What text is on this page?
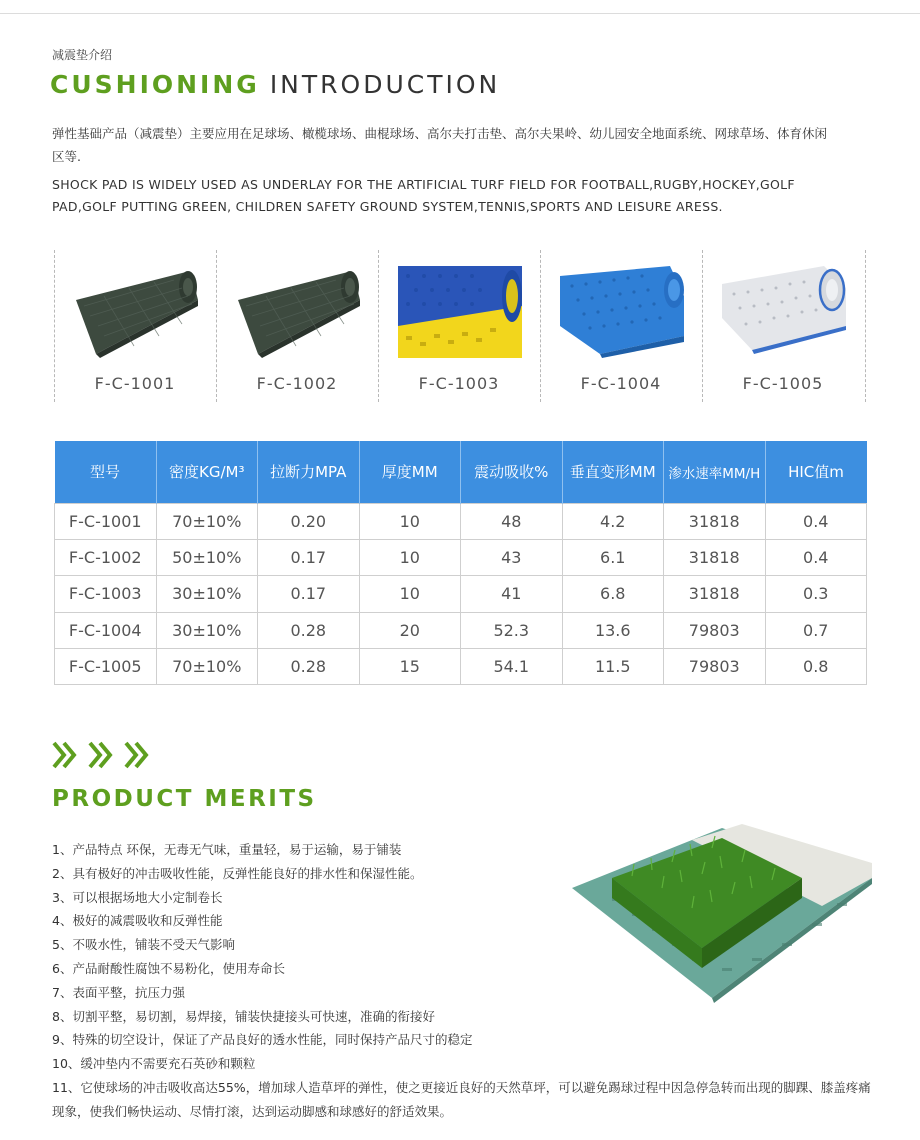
减震垫介绍
CUSHIONING INTRODUCTION

弹性基础产品（减震垫）主要应用在足球场、橄榄球场、曲棍球场、高尔夫打击垫、高尔夫果岭、幼儿园安全地面系统、网球草场、体育休闲区等.

SHOCK PAD IS WIDELY USED AS UNDERLAY FOR THE ARTIFICIAL TURF FIELD FOR FOOTBALL,RUGBY,HOCKEY,GOLF PAD,GOLF PUTTING GREEN, CHILDREN SAFETY GROUND SYSTEM,TENNIS,SPORTS AND LEISURE ARESS.

F-C-1001	F-C-1002	F-C-1003	F-C-1004	F-C-1005
型号	密度KG/M³	拉断力MPA	厚度MM	震动吸收%	垂直变形MM	渗水速率MM/H	HIC值m
F-C-1001	70±10%	0.20	10	48	4.2	31818	0.4
F-C-1002	50±10%	0.17	10	43	6.1	31818	0.4
F-C-1003	30±10%	0.17	10	41	6.8	31818	0.3
F-C-1004	30±10%	0.28	20	52.3	13.6	79803	0.7
F-C-1005	70±10%	0.28	15	54.1	11.5	79803	0.8
PRODUCT MERITS
1、产品特点 环保，无毒无气味，重量轻，易于运输，易于铺装
2、具有极好的冲击吸收性能，反弹性能良好的排水性和保湿性能。
3、可以根据场地大小定制卷长
4、极好的减震吸收和反弹性能
5、不吸水性，铺装不受天气影响
6、产品耐酸性腐蚀不易粉化，使用寿命长
7、表面平整，抗压力强
8、切割平整，易切割，易焊接，铺装快捷接头可快速，准确的衔接好
9、特殊的切空设计，保证了产品良好的透水性能，同时保持产品尺寸的稳定
10、缓冲垫内不需要充石英砂和颗粒
11、它使球场的冲击吸收高达55%，增加球人造草坪的弹性，使之更接近良好的天然草坪，可以避免踢球过程中因急停急转而出现的脚踝、膝盖疼痛现象，使我们畅快运动、尽情打滚，达到运动脚感和球感好的舒适效果。
